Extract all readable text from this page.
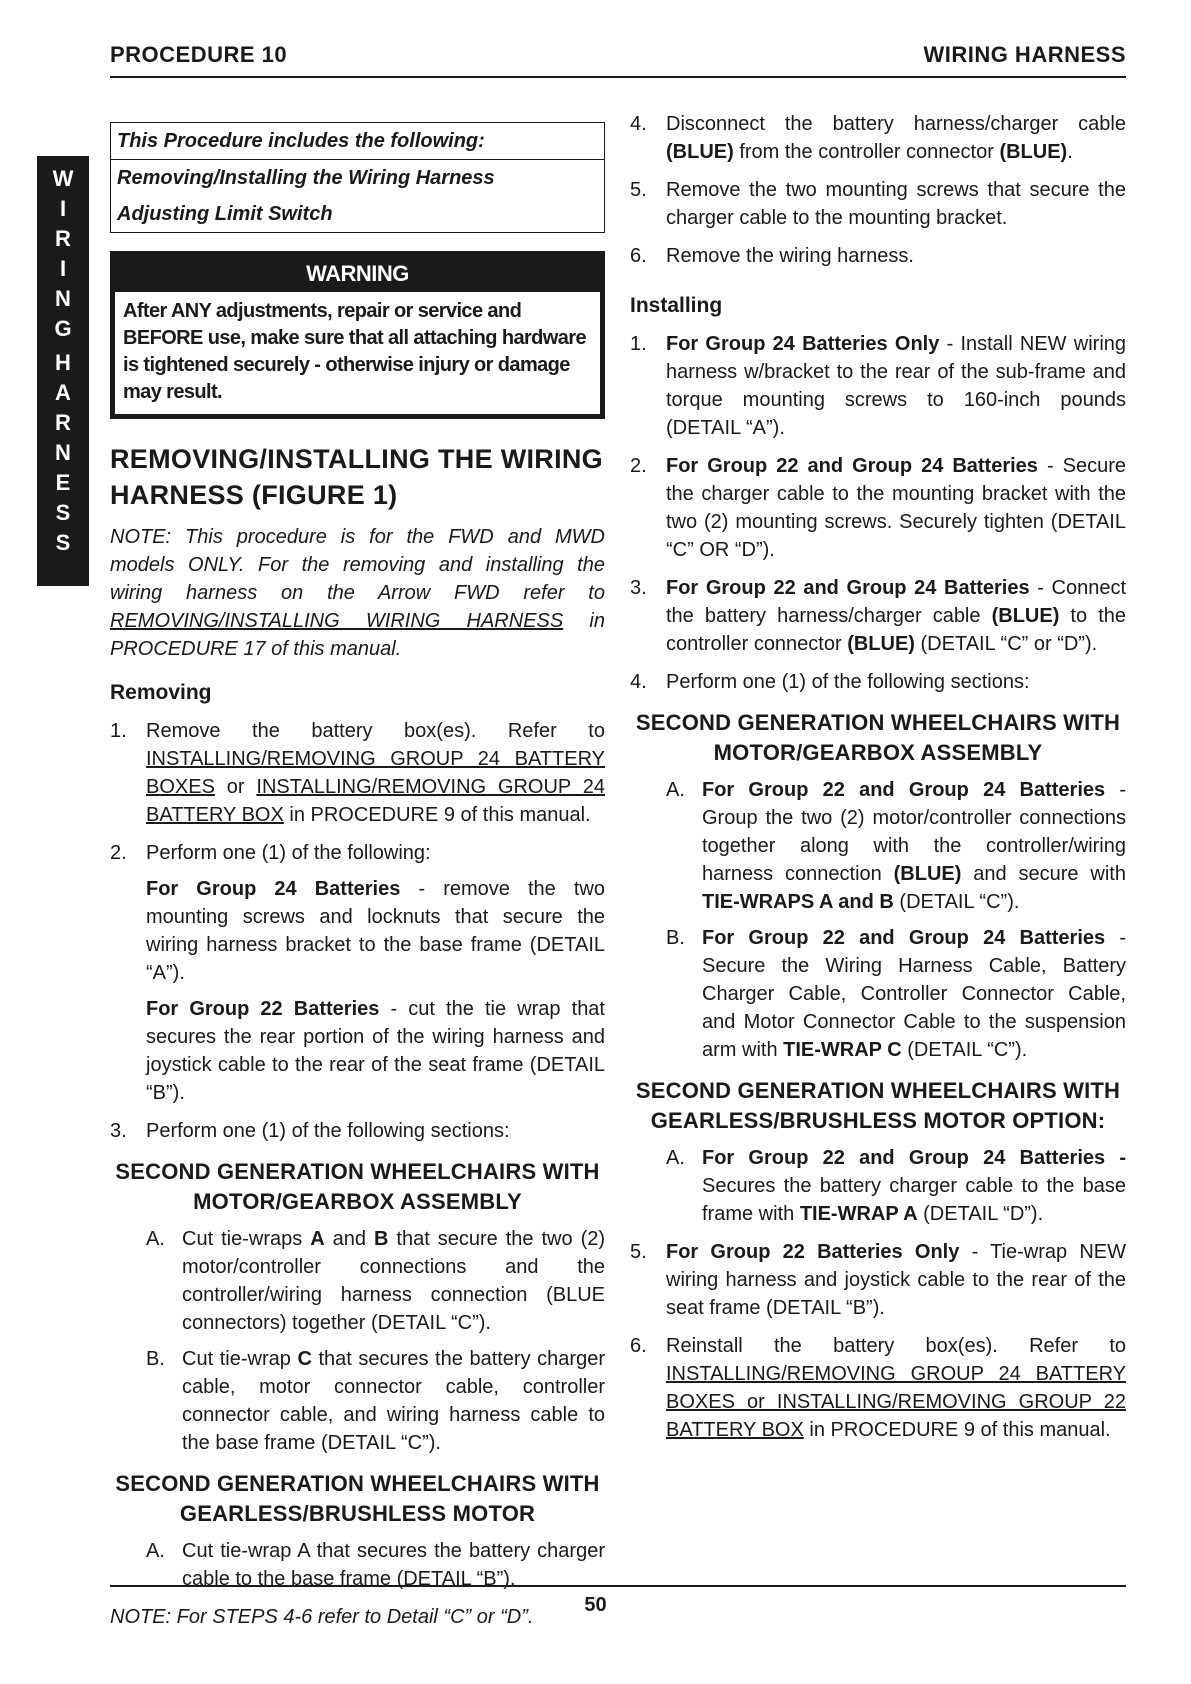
PROCEDURE 10	WIRING HARNESS
W
I
R
I
N
G
H
A
R
N
E
S
S
This Procedure includes the following:
Removing/Installing the Wiring Harness
Adjusting Limit Switch
WARNING
After ANY adjustments, repair or service and BEFORE use, make sure that all attaching hardware is tightened securely - otherwise injury or damage may result.
REMOVING/INSTALLING THE WIRING HARNESS (FIGURE 1)
NOTE: This procedure is for the FWD and MWD models ONLY. For the removing and installing the wiring harness on the Arrow FWD refer to REMOVING/INSTALLING WIRING HARNESS in PROCEDURE 17 of this manual.
Removing
1. Remove the battery box(es). Refer to INSTALLING/REMOVING GROUP 24 BATTERY BOXES or INSTALLING/REMOVING GROUP 24 BATTERY BOX in PROCEDURE 9 of this manual.
2. Perform one (1) of the following:
For Group 24 Batteries - remove the two mounting screws and locknuts that secure the wiring harness bracket to the base frame (DETAIL “A”).
For Group 22 Batteries - cut the tie wrap that secures the rear portion of the wiring harness and joystick cable to the rear of the seat frame (DETAIL “B”).
3. Perform one (1) of the following sections:
SECOND GENERATION WHEELCHAIRS WITH MOTOR/GEARBOX ASSEMBLY
A. Cut tie-wraps A and B that secure the two (2) motor/controller connections and the controller/wiring harness connection (BLUE connectors) together (DETAIL “C”).
B. Cut tie-wrap C that secures the battery charger cable, motor connector cable, controller connector cable, and wiring harness cable to the base frame (DETAIL “C”).
SECOND GENERATION WHEELCHAIRS WITH GEARLESS/BRUSHLESS MOTOR
A. Cut tie-wrap A that secures the battery charger cable to the base frame (DETAIL “B”).
NOTE: For STEPS 4-6 refer to Detail “C” or “D”.
4. Disconnect the battery harness/charger cable (BLUE) from the controller connector (BLUE).
5. Remove the two mounting screws that secure the charger cable to the mounting bracket.
6. Remove the wiring harness.
Installing
1. For Group 24 Batteries Only - Install NEW wiring harness w/bracket to the rear of the sub-frame and torque mounting screws to 160-inch pounds (DETAIL “A”).
2. For Group 22 and Group 24 Batteries - Secure the charger cable to the mounting bracket with the two (2) mounting screws. Securely tighten (DETAIL “C” OR “D”).
3. For Group 22 and Group 24 Batteries - Connect the battery harness/charger cable (BLUE) to the controller connector (BLUE) (DETAIL “C” or “D”).
4. Perform one (1) of the following sections:
SECOND GENERATION WHEELCHAIRS WITH MOTOR/GEARBOX ASSEMBLY
A. For Group 22 and Group 24 Batteries - Group the two (2) motor/controller connections together along with the controller/wiring harness connection (BLUE) and secure with TIE-WRAPS A and B (DETAIL “C”).
B. For Group 22 and Group 24 Batteries - Secure the Wiring Harness Cable, Battery Charger Cable, Controller Connector Cable, and Motor Connector Cable to the suspension arm with TIE-WRAP C (DETAIL “C”).
SECOND GENERATION WHEELCHAIRS WITH GEARLESS/BRUSHLESS MOTOR OPTION:
A. For Group 22 and Group 24 Batteries - Secures the battery charger cable to the base frame with TIE-WRAP A (DETAIL “D”).
5. For Group 22 Batteries Only - Tie-wrap NEW wiring harness and joystick cable to the rear of the seat frame (DETAIL “B”).
6. Reinstall the battery box(es). Refer to INSTALLING/REMOVING GROUP 24 BATTERY BOXES or INSTALLING/REMOVING GROUP 22 BATTERY BOX in PROCEDURE 9 of this manual.
50
